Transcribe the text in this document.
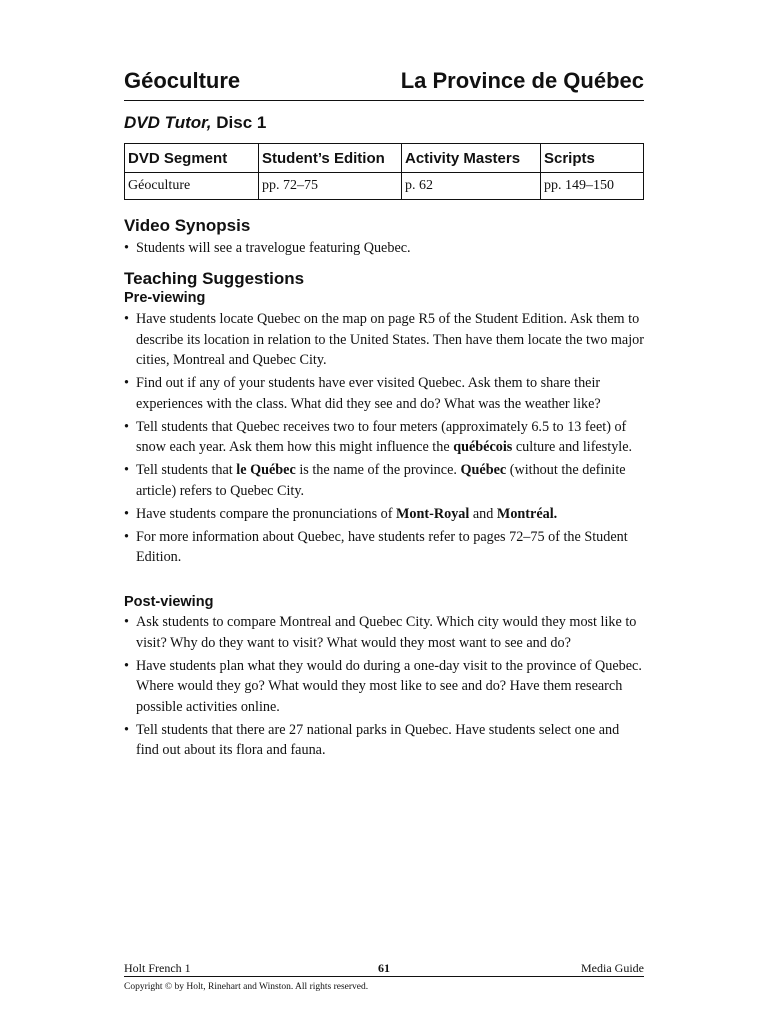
Géoculture	La Province de Québec
DVD Tutor, Disc 1
DVD Segment	Student’s Edition	Activity Masters	Scripts
Géoculture	pp. 72–75	p. 62	pp. 149–150
Video Synopsis
• Students will see a travelogue featuring Quebec.
Teaching Suggestions
Pre-viewing
• Have students locate Quebec on the map on page R5 of the Student Edition. Ask them to describe its location in relation to the United States. Then have them locate the two major cities, Montreal and Quebec City.
• Find out if any of your students have ever visited Quebec. Ask them to share their experiences with the class. What did they see and do? What was the weather like?
• Tell students that Quebec receives two to four meters (approximately 6.5 to 13 feet) of snow each year. Ask them how this might influence the québécois culture and lifestyle.
• Tell students that le Québec is the name of the province. Québec (without the definite article) refers to Quebec City.
• Have students compare the pronunciations of Mont-Royal and Montréal.
• For more information about Quebec, have students refer to pages 72–75 of the Student Edition.
Post-viewing
• Ask students to compare Montreal and Quebec City. Which city would they most like to visit? Why do they want to visit? What would they most want to see and do?
• Have students plan what they would do during a one-day visit to the province of Quebec. Where would they go? What would they most like to see and do? Have them research possible activities online.
• Tell students that there are 27 national parks in Quebec. Have students select one and find out about its flora and fauna.
Holt French 1	61	Media Guide
Copyright © by Holt, Rinehart and Winston. All rights reserved.
